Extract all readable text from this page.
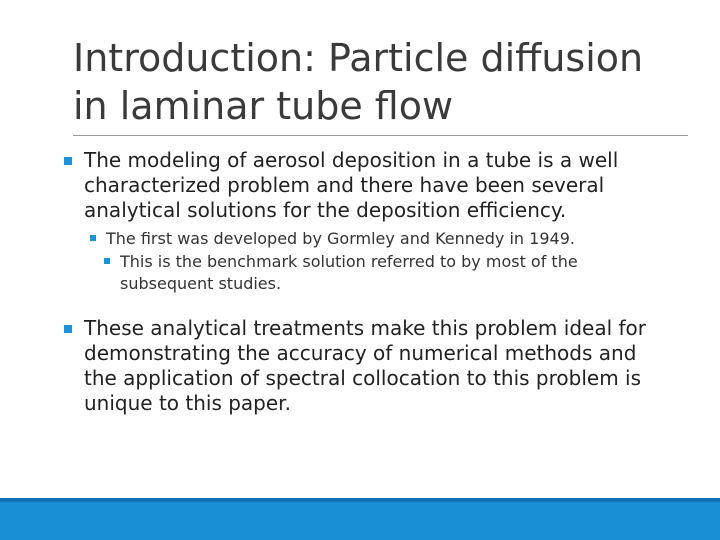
Introduction: Particle diffusion
in laminar tube flow
The modeling of aerosol deposition in a tube is a well characterized problem and there have been several analytical solutions for the deposition efficiency.
The first was developed by Gormley and Kennedy in 1949.
This is the benchmark solution referred to by most of the subsequent studies.
These analytical treatments make this problem ideal for demonstrating the accuracy of numerical methods and the application of spectral collocation to this problem is unique to this paper.
